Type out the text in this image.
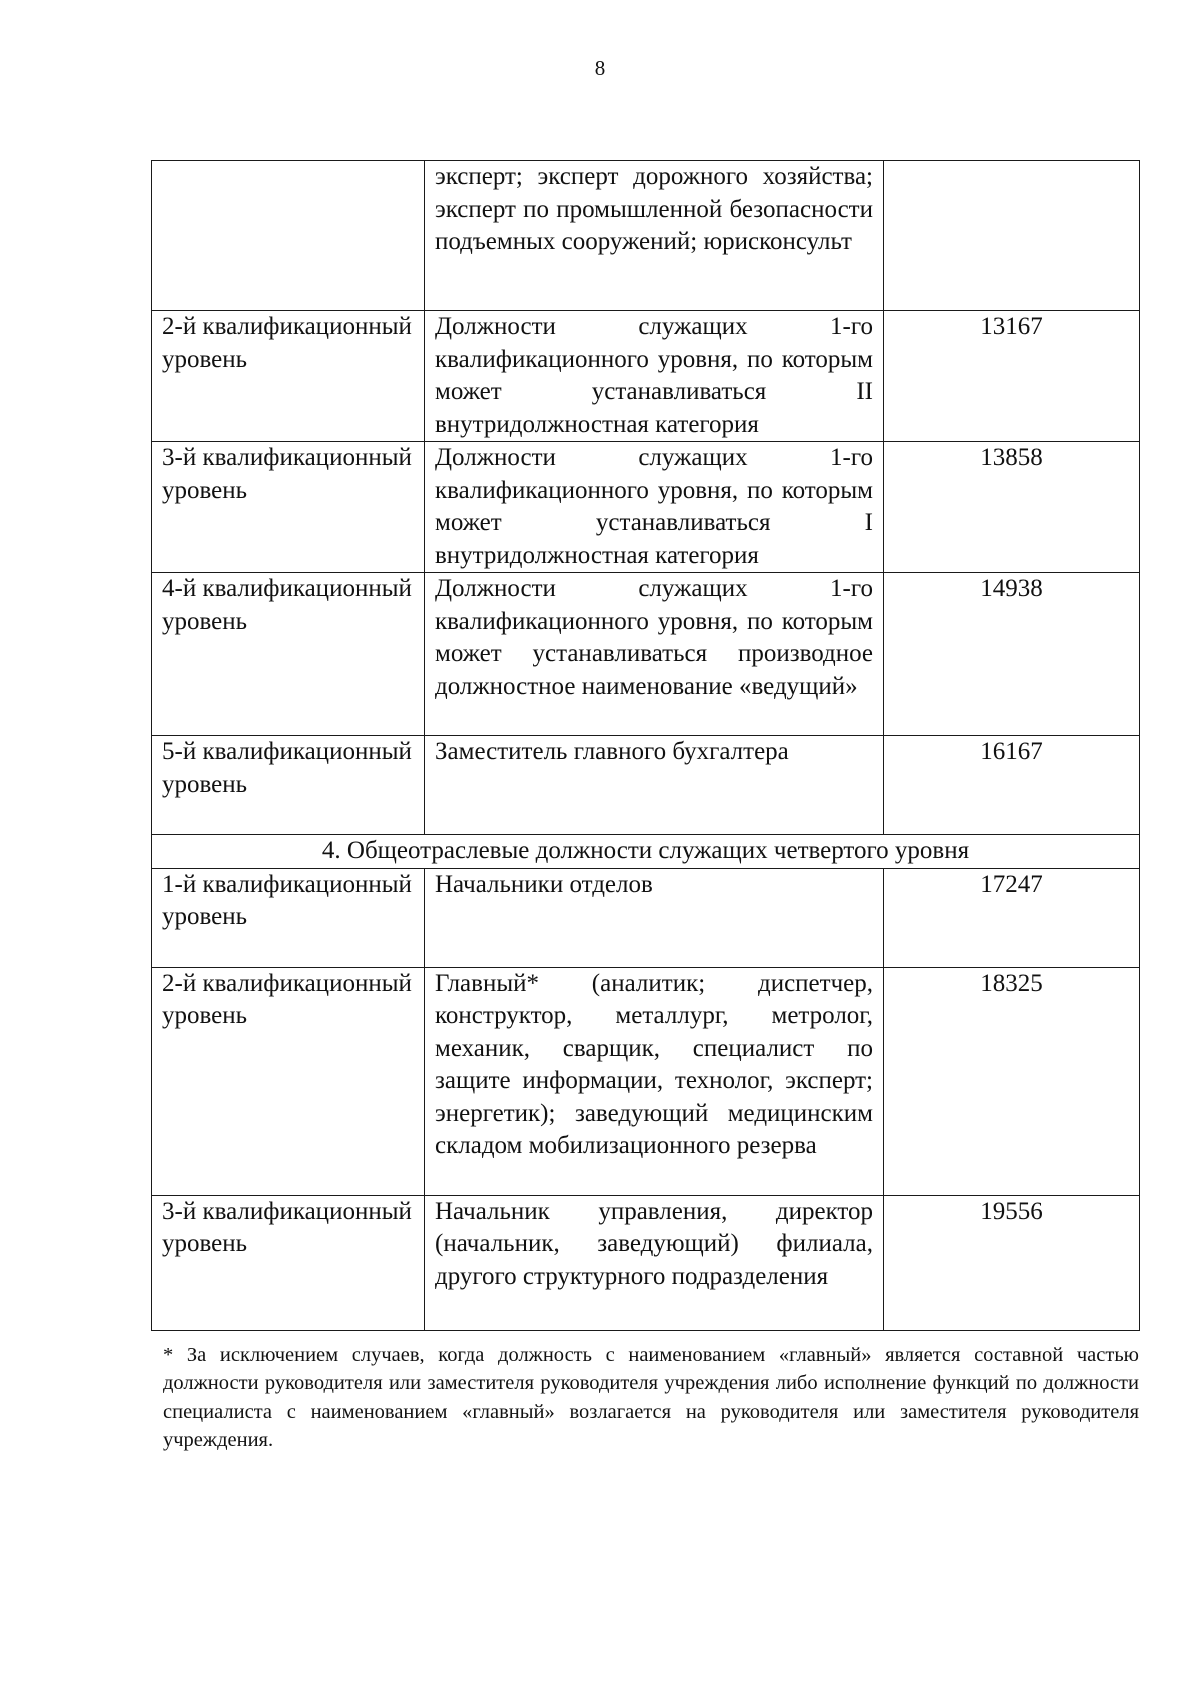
8
	эксперт; эксперт дорожного хозяйства; эксперт по промышленной безопасности подъемных сооружений; юрисконсульт	
2-й квалификационный уровень	Должности служащих 1-го квалификационного уровня, по которым может устанавливаться II внутридолжностная категория	13167
3-й квалификационный уровень	Должности служащих 1-го квалификационного уровня, по которым может устанавливаться I внутридолжностная категория	13858
4-й квалификационный уровень	Должности служащих 1-го квалификационного уровня, по которым может устанавливаться производное должностное наименование «ведущий»	14938
5-й квалификационный уровень	Заместитель главного бухгалтера	16167
4. Общеотраслевые должности служащих четвертого уровня		
1-й квалификационный уровень	Начальники отделов	17247
2-й квалификационный уровень	Главный* (аналитик; диспетчер, конструктор, металлург, метролог, механик, сварщик, специалист по защите информации, технолог, эксперт; энергетик); заведующий медицинским складом мобилизационного резерва	18325
3-й квалификационный уровень	Начальник управления, директор (начальник, заведующий) филиала, другого структурного подразделения	19556
* За исключением случаев, когда должность с наименованием «главный» является составной частью должности руководителя или заместителя руководителя учреждения либо исполнение функций по должности специалиста с наименованием «главный» возлагается на руководителя или заместителя руководителя учреждения.
